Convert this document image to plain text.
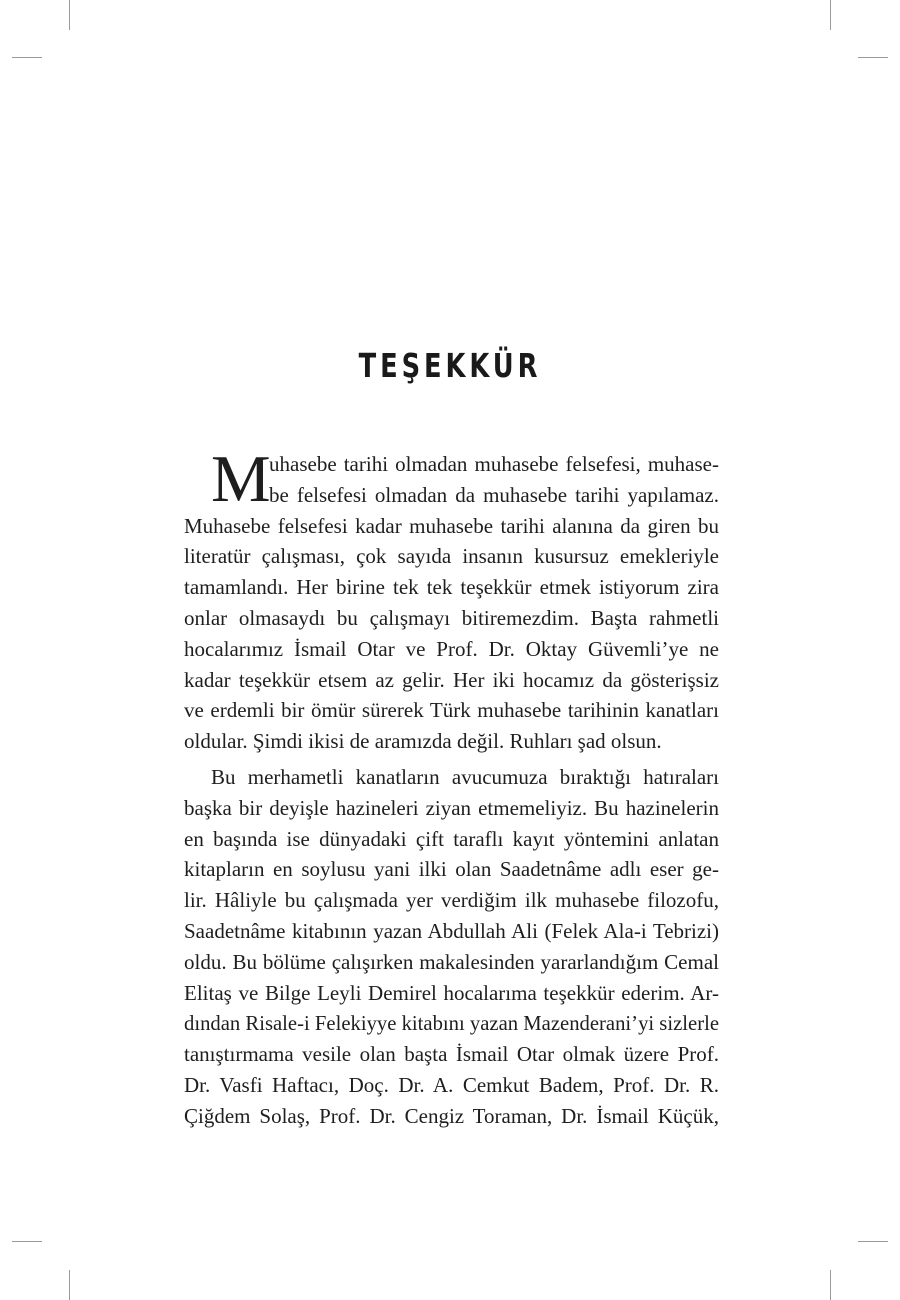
TEŞEKKÜR
M
uhasebe tarihi olmadan muhasebe felsefesi, muhase-
be felsefesi olmadan da muhasebe tarihi yapılamaz.
Muhasebe felsefesi kadar muhasebe tarihi alanına da giren bu
literatür çalışması, çok sayıda insanın kusursuz emekleriyle
tamamlandı. Her birine tek tek teşekkür etmek istiyorum zira
onlar olmasaydı bu çalışmayı bitiremezdim. Başta rahmetli
hocalarımız İsmail Otar ve Prof. Dr. Oktay Güvemli’ye ne
kadar teşekkür etsem az gelir. Her iki hocamız da gösterişsiz
ve erdemli bir ömür sürerek Türk muhasebe tarihinin kanatları
oldular. Şimdi ikisi de aramızda değil. Ruhları şad olsun.
Bu merhametli kanatların avucumuza bıraktığı hatıraları
başka bir deyişle hazineleri ziyan etmemeliyiz. Bu hazinelerin
en başında ise dünyadaki çift taraflı kayıt yöntemini anlatan
kitapların en soylusu yani ilki olan Saadetnâme adlı eser ge-
lir. Hâliyle bu çalışmada yer verdiğim ilk muhasebe filozofu,
Saadetnâme kitabının yazan Abdullah Ali (Felek Ala-i Tebrizi)
oldu. Bu bölüme çalışırken makalesinden yararlandığım Cemal
Elitaş ve Bilge Leyli Demirel hocalarıma teşekkür ederim. Ar-
dından Risale-i Felekiyye kitabını yazan Mazenderani’yi sizlerle
tanıştırmama vesile olan başta İsmail Otar olmak üzere Prof.
Dr. Vasfi Haftacı, Doç. Dr. A. Cemkut Badem, Prof. Dr. R.
Çiğdem Solaş, Prof. Dr. Cengiz Toraman, Dr. İsmail Küçük,
